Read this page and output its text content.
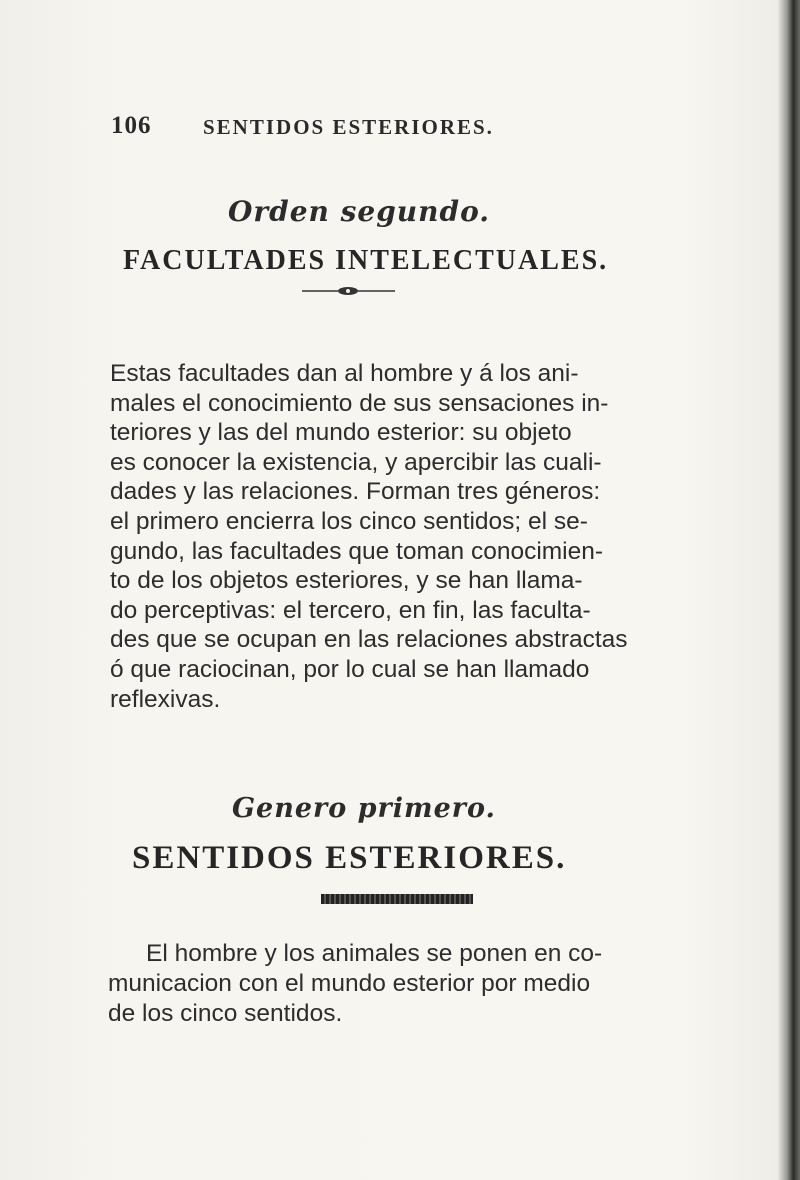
106 SENTIDOS ESTERIORES.
Orden segundo.
FACULTADES INTELECTUALES.

Estas facultades dan al hombre y á los ani-
males el conocimiento de sus sensaciones in-
teriores y las del mundo esterior: su objeto
es conocer la existencia, y apercibir las cuali-
dades y las relaciones. Forman tres géneros:
el primero encierra los cinco sentidos; el se-
gundo, las facultades que toman conocimien-
to de los objetos esteriores, y se han llama-
do perceptivas: el tercero, en fin, las faculta-
des que se ocupan en las relaciones abstractas
ó que raciocinan, por lo cual se han llamado
reflexivas.

Genero primero.
SENTIDOS ESTERIORES.

El hombre y los animales se ponen en co-
municacion con el mundo esterior por medio
de los cinco sentidos.
